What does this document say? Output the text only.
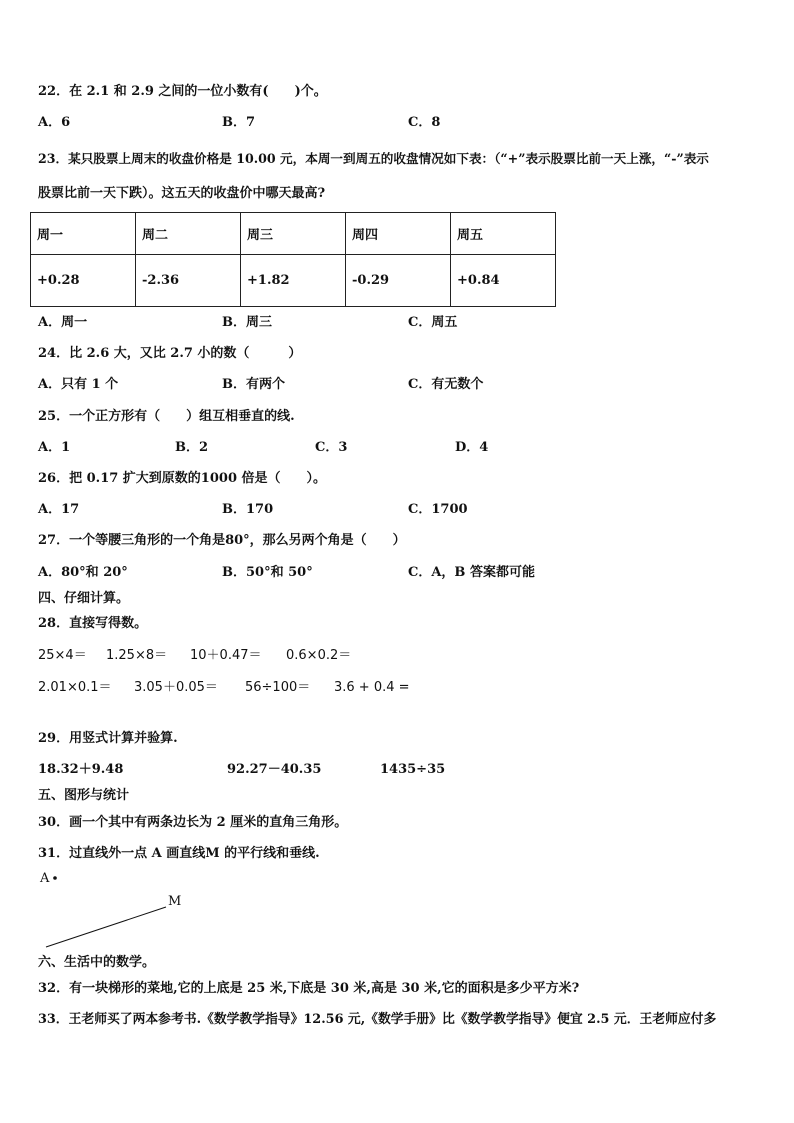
22．在 2.1 和 2.9 之间的一位小数有(　　)个。
A．6	B．7	C．8
23．某只股票上周末的收盘价格是 10.00 元，本周一到周五的收盘情况如下表：（“+”表示股票比前一天上涨，“-”表示
股票比前一天下跌）。这五天的收盘价中哪天最高?
周一	周二	周三	周四	周五
+0.28	-2.36	+1.82	-0.29	+0.84
A．周一	B．周三	C．周五
24．比 2.6 大，又比 2.7 小的数（　　　）
A．只有 1 个	B．有两个	C．有无数个
25．一个正方形有（　　）组互相垂直的线.
A．1	B．2	C．3	D．4
26．把 0.17 扩大到原数的1000 倍是（　　）。
A．17	B．170	C．1700
27．一个等腰三角形的一个角是80°，那么另两个角是（　　）
A．80°和 20°	B．50°和 50°	C．A，B 答案都可能
四、仔细计算。
28．直接写得数。
25×4＝ 1.25×8＝ 10＋0.47＝ 0.6×0.2＝
2.01×0.1＝ 3.05＋0.05＝ 56÷100＝ 3.6 + 0.4 =
29．用竖式计算并验算.
18.32＋9.48	92.27－40.35	1435÷35
五、图形与统计
30．画一个其中有两条边长为 2 厘米的直角三角形。
31．过直线外一点 A 画直线M 的平行线和垂线.
A
M
六、生活中的数学。
32．有一块梯形的菜地,它的上底是 25 米,下底是 30 米,高是 30 米,它的面积是多少平方米?
33．王老师买了两本参考书.《数学教学指导》12.56 元,《数学手册》比《数学教学指导》便宜 2.5 元．王老师应付多
